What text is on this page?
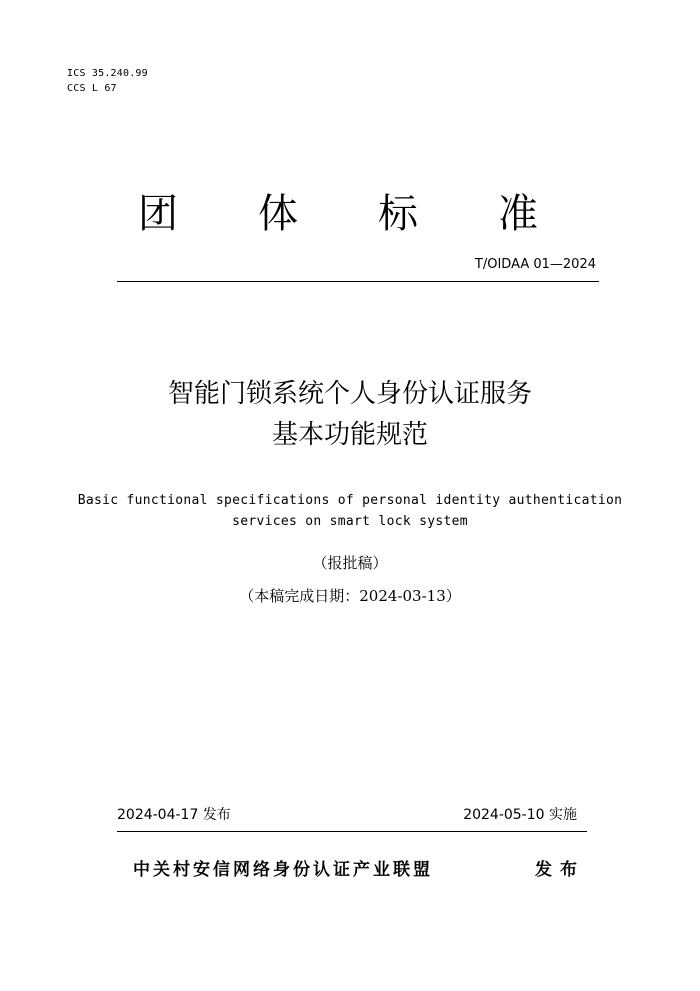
ICS 35.240.99
CCS L 67
团 体 标 准
T/OIDAA 01—2024
智能门锁系统个人身份认证服务
基本功能规范
Basic functional specifications of personal identity authentication
services on smart lock system
（报批稿）
（本稿完成日期：2024-03-13）
2024-04-17 发布	2024-05-10 实施
中关村安信网络身份认证产业联盟	发布
